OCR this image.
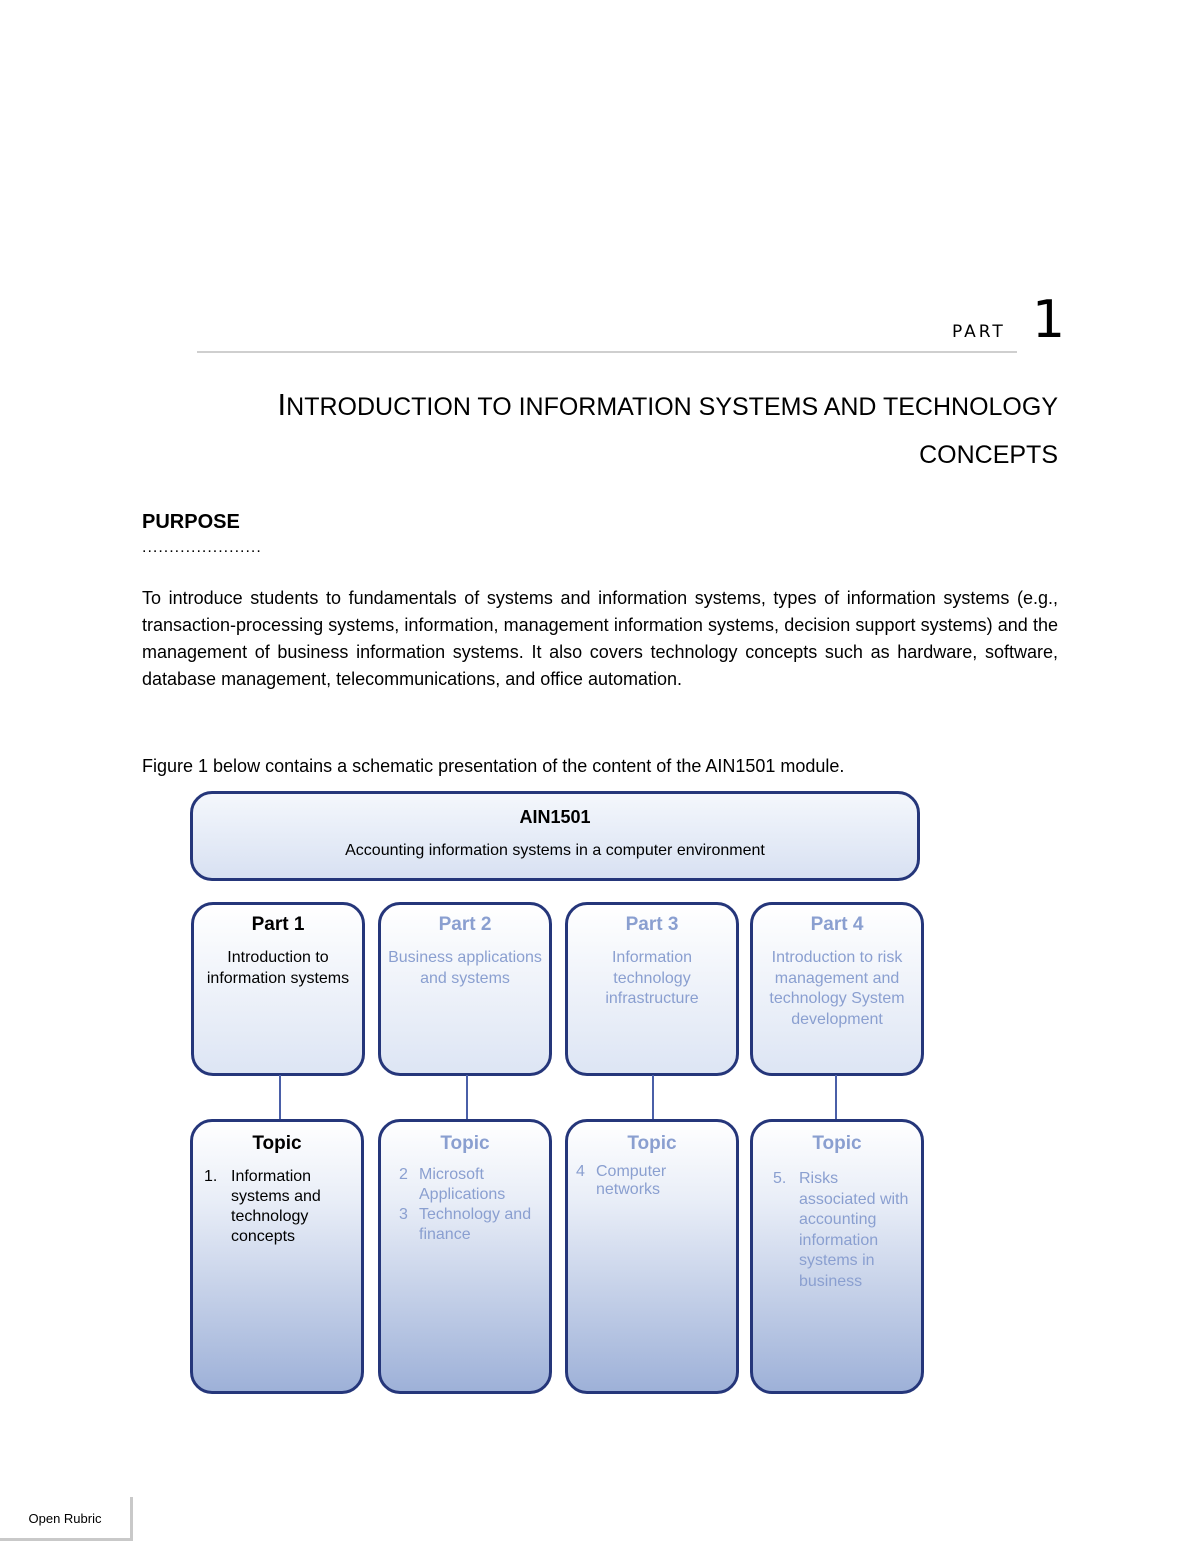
PART 1
INTRODUCTION TO INFORMATION SYSTEMS AND TECHNOLOGY
CONCEPTS
PURPOSE
......................

To introduce students to fundamentals of systems and information systems, types of information systems (e.g., transaction-processing systems, information, management information systems, decision support systems) and the management of business information systems. It also covers technology concepts such as hardware, software, database management, telecommunications, and office automation.

Figure 1 below contains a schematic presentation of the content of the AIN1501 module.
AIN1501
Accounting information systems in a computer environment
Part 1
Introduction to information systems
Part 2
Business applications and systems
Part 3
Information technology infrastructure
Part 4
Introduction to risk management and technology System development
Topic
1. Information systems and technology concepts
Topic
2 Microsoft Applications
3 Technology and finance
Topic
4 Computer networks
Topic
5. Risks associated with accounting information systems in business
Open Rubric
